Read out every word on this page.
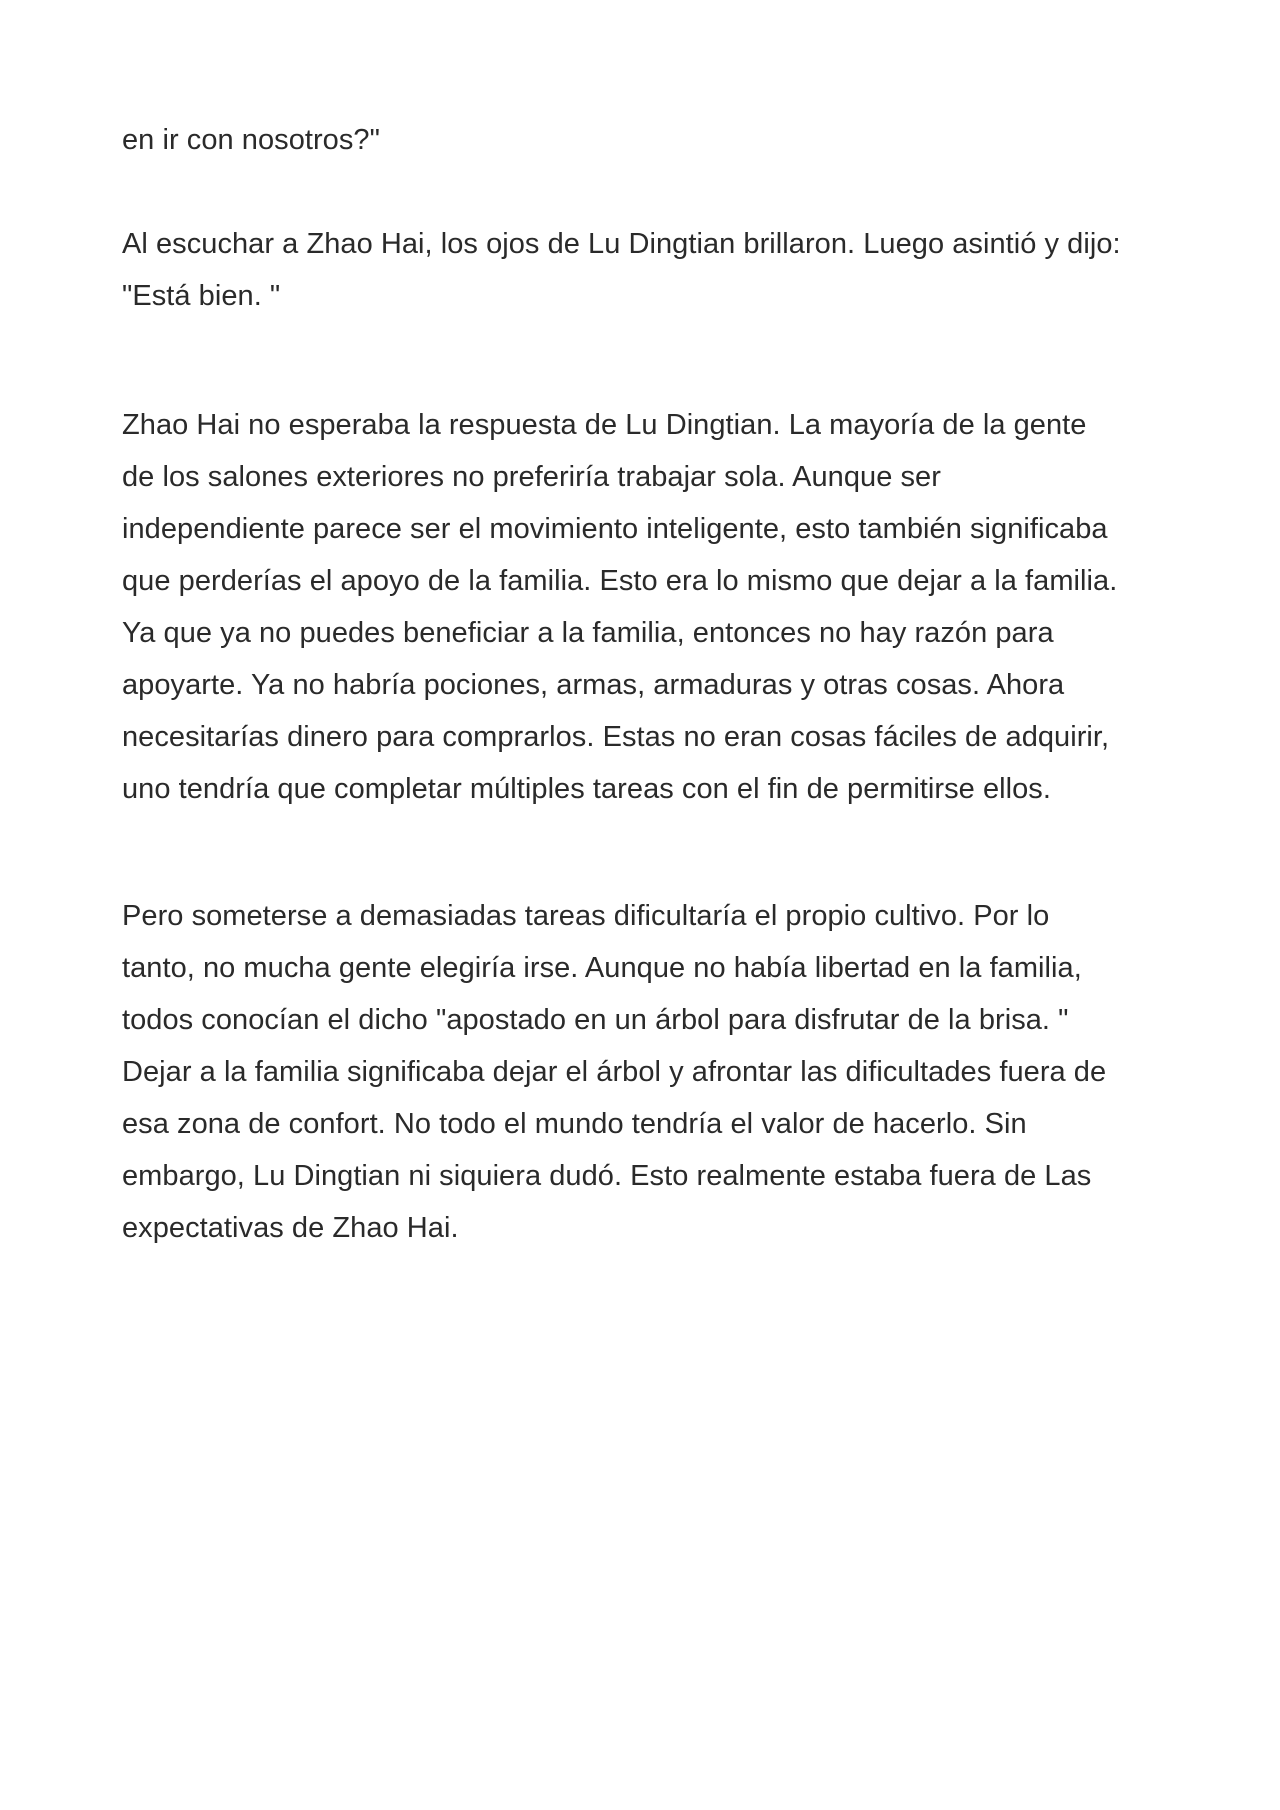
en ir con nosotros?"

Al escuchar a Zhao Hai, los ojos de Lu Dingtian brillaron. Luego asintió y dijo:
"Está bien. "

Zhao Hai no esperaba la respuesta de Lu Dingtian. La mayoría de la gente
de los salones exteriores no preferiría trabajar sola. Aunque ser
independiente parece ser el movimiento inteligente, esto también significaba
que perderías el apoyo de la familia. Esto era lo mismo que dejar a la familia.
Ya que ya no puedes beneficiar a la familia, entonces no hay razón para
apoyarte. Ya no habría pociones, armas, armaduras y otras cosas. Ahora
necesitarías dinero para comprarlos. Estas no eran cosas fáciles de adquirir,
uno tendría que completar múltiples tareas con el fin de permitirse ellos.

Pero someterse a demasiadas tareas dificultaría el propio cultivo. Por lo
tanto, no mucha gente elegiría irse. Aunque no había libertad en la familia,
todos conocían el dicho "apostado en un árbol para disfrutar de la brisa. "
Dejar a la familia significaba dejar el árbol y afrontar las dificultades fuera de
esa zona de confort. No todo el mundo tendría el valor de hacerlo. Sin
embargo, Lu Dingtian ni siquiera dudó. Esto realmente estaba fuera de Las
expectativas de Zhao Hai.
